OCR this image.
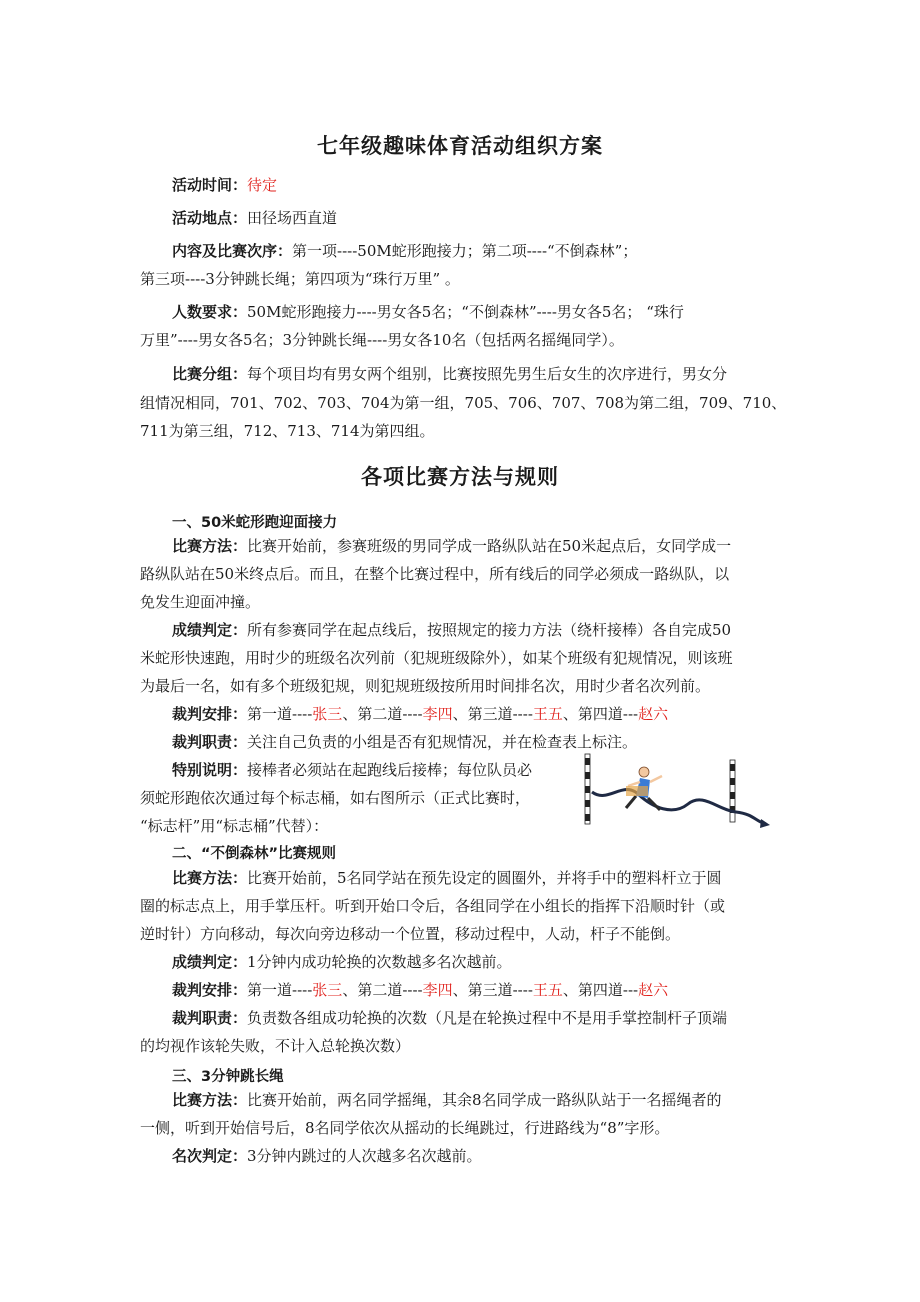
七年级趣味体育活动组织方案
活动时间：待定
活动地点：田径场西直道
内容及比赛次序：第一项----50M蛇形跑接力；第二项----“不倒森林”；
第三项----3分钟跳长绳；第四项为“珠行万里” 。
人数要求：50M蛇形跑接力----男女各5名；“不倒森林”----男女各5名； “珠行
万里”----男女各5名；3分钟跳长绳----男女各10名（包括两名摇绳同学）。
比赛分组：每个项目均有男女两个组别，比赛按照先男生后女生的次序进行，男女分
组情况相同，701、702、703、704为第一组，705、706、707、708为第二组，709、710、
711为第三组，712、713、714为第四组。
各项比赛方法与规则
一、50米蛇形跑迎面接力
比赛方法：比赛开始前，参赛班级的男同学成一路纵队站在50米起点后，女同学成一
路纵队站在50米终点后。而且，在整个比赛过程中，所有线后的同学必须成一路纵队，以
免发生迎面冲撞。
成绩判定：所有参赛同学在起点线后，按照规定的接力方法（绕杆接棒）各自完成50
米蛇形快速跑，用时少的班级名次列前（犯规班级除外），如某个班级有犯规情况，则该班
为最后一名，如有多个班级犯规，则犯规班级按所用时间排名次，用时少者名次列前。
裁判安排：第一道----张三、第二道----李四、第三道----王五、第四道---赵六
裁判职责：关注自己负责的小组是否有犯规情况，并在检查表上标注。
特别说明：接棒者必须站在起跑线后接棒；每位队员必
须蛇形跑依次通过每个标志桶，如右图所示（正式比赛时，
“标志杆”用“标志桶”代替）：
二、“不倒森林”比赛规则
比赛方法：比赛开始前，5名同学站在预先设定的圆圈外，并将手中的塑料杆立于圆
圈的标志点上，用手掌压杆。听到开始口令后，各组同学在小组长的指挥下沿顺时针（或
逆时针）方向移动，每次向旁边移动一个位置，移动过程中，人动，杆子不能倒。
成绩判定：1分钟内成功轮换的次数越多名次越前。
裁判安排：第一道----张三、第二道----李四、第三道----王五、第四道---赵六
裁判职责：负责数各组成功轮换的次数（凡是在轮换过程中不是用手掌控制杆子顶端
的均视作该轮失败，不计入总轮换次数）
三、3分钟跳长绳
比赛方法：比赛开始前，两名同学摇绳，其余8名同学成一路纵队站于一名摇绳者的
一侧，听到开始信号后，8名同学依次从摇动的长绳跳过，行进路线为“8”字形。
名次判定：3分钟内跳过的人次越多名次越前。
